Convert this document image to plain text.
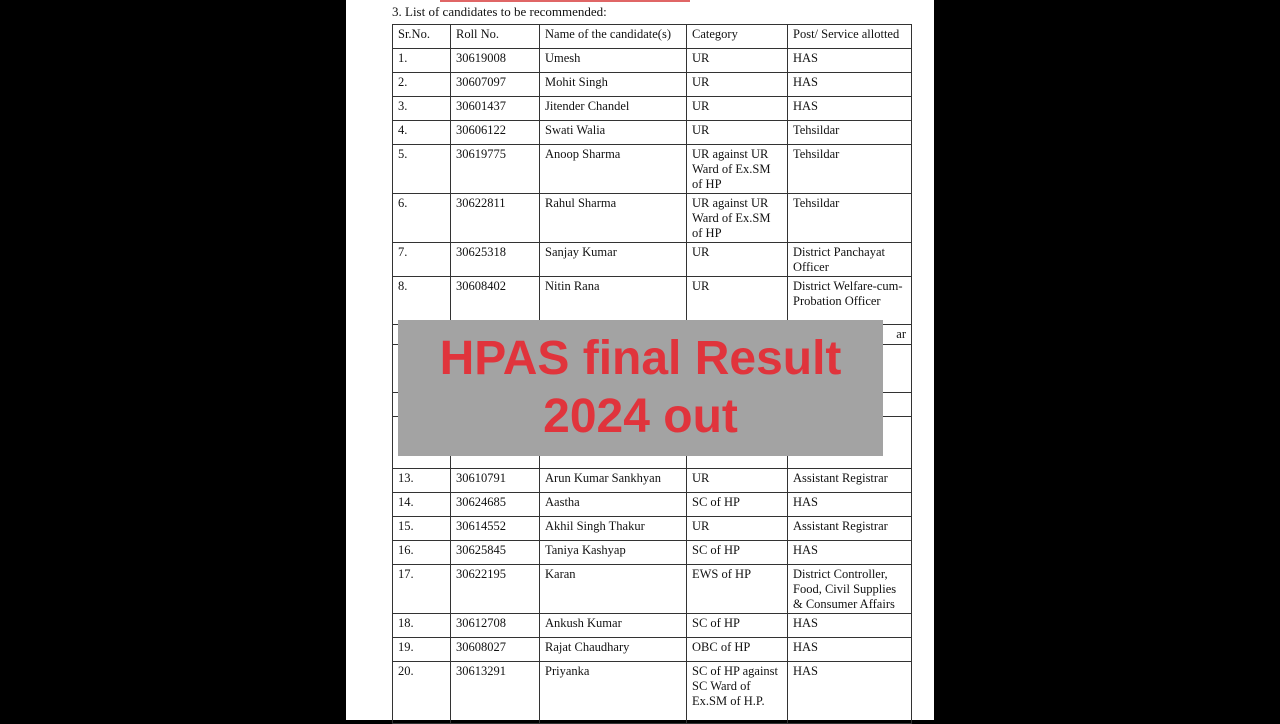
3. List of candidates to be recommended:
Sr.No.	Roll No.	Name of the candidate(s)	Category	Post/ Service allotted
1.	30619008	Umesh	UR	HAS
2.	30607097	Mohit Singh	UR	HAS
3.	30601437	Jitender Chandel	UR	HAS
4.	30606122	Swati Walia	UR	Tehsildar
5.	30619775	Anoop Sharma	UR against UR Ward of Ex.SM of HP	Tehsildar
6.	30622811	Rahul Sharma	UR against UR Ward of Ex.SM of HP	Tehsildar
7.	30625318	Sanjay Kumar	UR	District Panchayat Officer
8.	30608402	Nitin Rana	UR	District Welfare-cum-Probation Officer
				ar

13.	30610791	Arun Kumar Sankhyan	UR	Assistant Registrar
14.	30624685	Aastha	SC of HP	HAS
15.	30614552	Akhil Singh Thakur	UR	Assistant Registrar
16.	30625845	Taniya Kashyap	SC of HP	HAS
17.	30622195	Karan	EWS of HP	District Controller, Food, Civil Supplies & Consumer Affairs
18.	30612708	Ankush Kumar	SC of HP	HAS
19.	30608027	Rajat Chaudhary	OBC of HP	HAS
20.	30613291	Priyanka	SC of HP against SC Ward of Ex.SM of H.P.	HAS
HPAS final Result
2024 out
